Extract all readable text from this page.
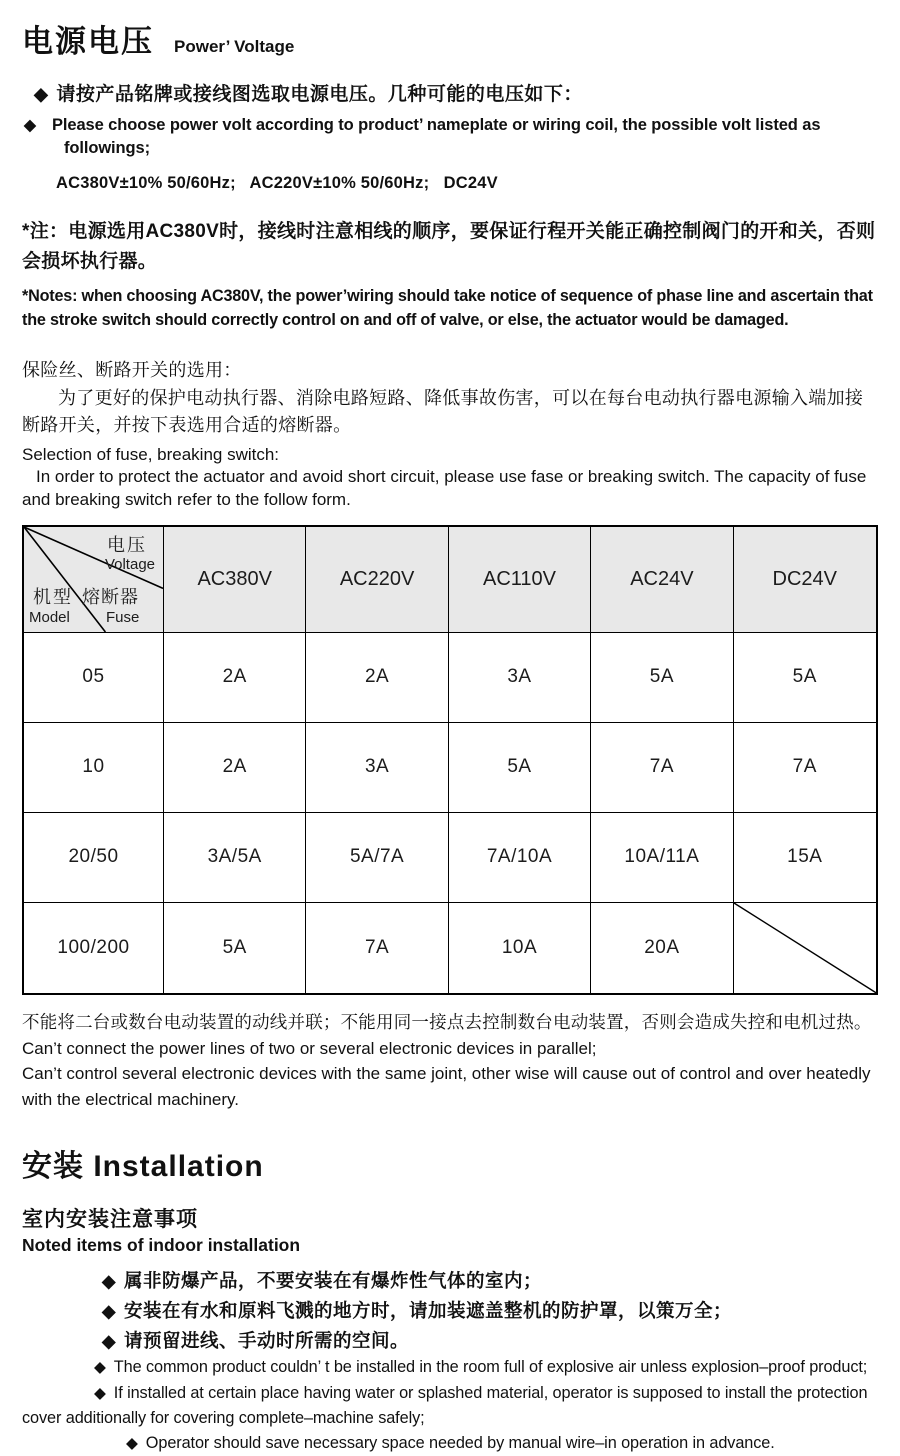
电源电压 Power’ Voltage

◆ 请按产品铭牌或接线图选取电源电压。几种可能的电压如下：

◆ Please choose power volt according to product’ nameplate or wiring coil, the possible volt listed as followings;

AC380V±10% 50/60Hz;   AC220V±10% 50/60Hz;   DC24V

*注：电源选用AC380V时，接线时注意相线的顺序，要保证行程开关能正确控制阀门的开和关，否则会损坏执行器。

*Notes: when choosing AC380V, the power’wiring should take notice of sequence of phase line and ascertain that the stroke switch should correctly control on and off of valve, or else, the actuator would be damaged.

保险丝、断路开关的选用：
为了更好的保护电动执行器、消除电路短路、降低事故伤害，可以在每台电动执行器电源输入端加接断路开关，并按下表选用合适的熔断器。
Selection of fuse, breaking switch:
In order to protect the actuator and avoid short circuit, please use fase or breaking switch. The capacity of fuse and breaking switch refer to the follow form.
电压
Voltage
机型
Model
熔断器
Fuse
AC380V	AC220V	AC110V	AC24V	DC24V
05	2A	2A	3A	5A	5A
10	2A	3A	5A	7A	7A
20/50	3A/5A	5A/7A	7A/10A	10A/11A	15A
100/200	5A	7A	10A	20A

不能将二台或数台电动装置的动线并联；不能用同一接点去控制数台电动装置，否则会造成失控和电机过热。

Can’t connect the power lines of two or several electronic devices in parallel;
Can’t control several electronic devices with the same joint, other wise will cause out of control and over heatedly with the electrical machinery.

安装 Installation
室内安装注意事项
Noted items of indoor installation

◆ 属非防爆产品，不要安装在有爆炸性气体的室内；

◆ 安装在有水和原料飞溅的地方时，请加装遮盖整机的防护罩，以策万全；

◆ 请预留进线、手动时所需的空间。

◆ The common product couldn’ t be installed in the room full of explosive air unless explosion–proof product;

◆ If installed at certain place having water or splashed material, operator is supposed to install the protection cover additionally for covering complete–machine safely;

◆ Operator should save necessary space needed by manual wire–in operation in advance.
